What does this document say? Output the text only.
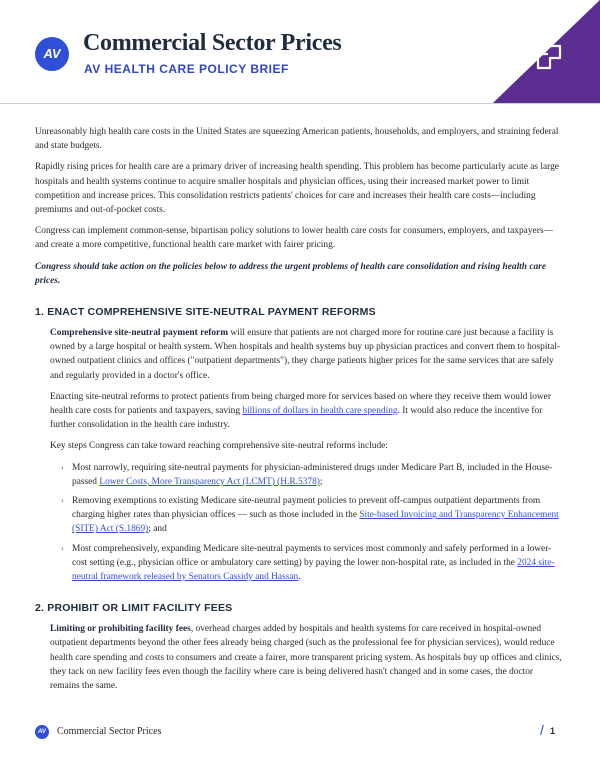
AV Commercial Sector Prices
AV HEALTH CARE POLICY BRIEF

Unreasonably high health care costs in the United States are squeezing American patients, households, and employers, and straining federal and state budgets.

Rapidly rising prices for health care are a primary driver of increasing health spending. This problem has become particularly acute as large hospitals and health systems continue to acquire smaller hospitals and physician offices, using their increased market power to limit competition and increase prices. This consolidation restricts patients' choices for care and increases their health care costs—including premiums and out-of-pocket costs.

Congress can implement common-sense, bipartisan policy solutions to lower health care costs for consumers, employers, and taxpayers—and create a more competitive, functional health care market with fairer pricing.

Congress should take action on the policies below to address the urgent problems of health care consolidation and rising health care prices.

1. ENACT COMPREHENSIVE SITE-NEUTRAL PAYMENT REFORMS

Comprehensive site-neutral payment reform will ensure that patients are not charged more for routine care just because a facility is owned by a large hospital or health system. When hospitals and health systems buy up physician practices and convert them to hospital-owned outpatient clinics and offices ("outpatient departments"), they charge patients higher prices for the same services that are safely and regularly provided in a doctor's office.

Enacting site-neutral reforms to protect patients from being charged more for services based on where they receive them would lower health care costs for patients and taxpayers, saving billions of dollars in health care spending. It would also reduce the incentive for further consolidation in the health care industry.

Key steps Congress can take toward reaching comprehensive site-neutral reforms include:

› Most narrowly, requiring site-neutral payments for physician-administered drugs under Medicare Part B, included in the House-passed Lower Costs, More Transparency Act (LCMT) (H.R.5378);
› Removing exemptions to existing Medicare site-neutral payment policies to prevent off-campus outpatient departments from charging higher rates than physician offices — such as those included in the Site-based Invoicing and Transparency Enhancement (SITE) Act (S.1869); and
› Most comprehensively, expanding Medicare site-neutral payments to services most commonly and safely performed in a lower-cost setting (e.g., physician office or ambulatory care setting) by paying the lower non-hospital rate, as included in the 2024 site-neutral framework released by Senators Cassidy and Hassan.
2. PROHIBIT OR LIMIT FACILITY FEES

Limiting or prohibiting facility fees, overhead charges added by hospitals and health systems for care received in hospital-owned outpatient departments beyond the other fees already being charged (such as the professional fee for physician services), would reduce health care spending and costs to consumers and create a fairer, more transparent pricing system. As hospitals buy up offices and clinics, they tack on new facility fees even though the facility where care is being delivered hasn't changed and in some cases, the doctor remains the same.

AV	Commercial Sector Prices	/ 1
